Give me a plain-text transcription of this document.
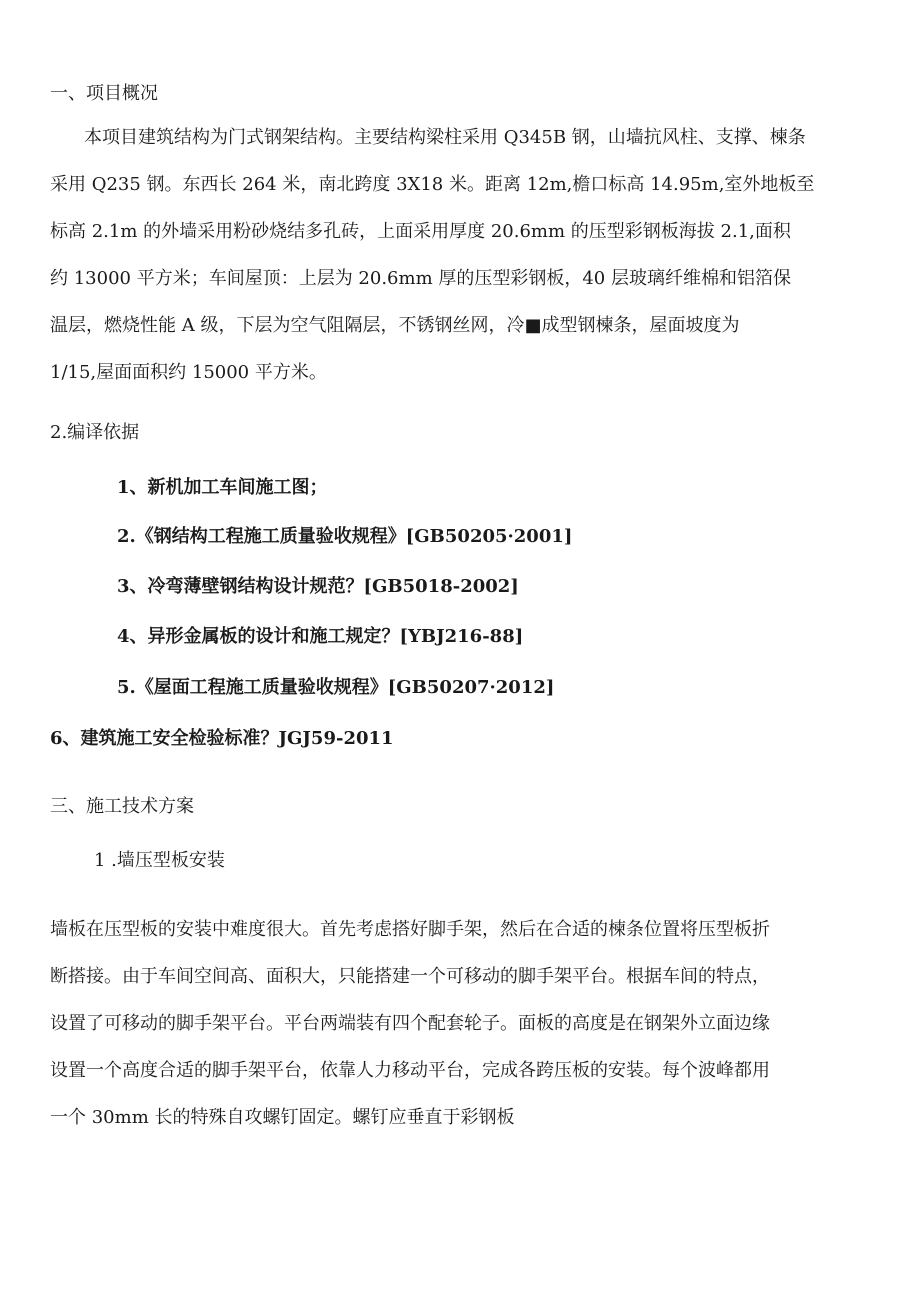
一、项目概况
本项目建筑结构为门式钢架结构。主要结构梁柱采用 Q345B 钢，山墙抗风柱、支撑、楝条
采用 Q235 钢。东西长 264 米，南北跨度 3X18 米。距离 12m,檐口标高 14.95m,室外地板至
标高 2.1m 的外墙采用粉砂烧结多孔砖，上面采用厚度 20.6mm 的压型彩钢板海拔 2.1,面积
约 13000 平方米；车间屋顶：上层为 20.6mm 厚的压型彩钢板，40 层玻璃纤维棉和铝箔保
温层，燃烧性能 A 级，下层为空气阻隔层，不锈钢丝网，冷■成型钢楝条，屋面坡度为
1/15,屋面面积约 15000 平方米。
2.编译依据
1、新机加工车间施工图；
2.《钢结构工程施工质量验收规程》[GB50205·2001]
3、冷弯薄壁钢结构设计规范？[GB5018-2002]
4、异形金属板的设计和施工规定？[YBJ216-88]
5.《屋面工程施工质量验收规程》[GB50207·2012]
6、建筑施工安全检验标准？JGJ59-2011
三、施工技术方案
1 .墙压型板安装
墙板在压型板的安装中难度很大。首先考虑搭好脚手架，然后在合适的楝条位置将压型板折
断搭接。由于车间空间高、面积大，只能搭建一个可移动的脚手架平台。根据车间的特点，
设置了可移动的脚手架平台。平台两端装有四个配套轮子。面板的高度是在钢架外立面边缘
设置一个高度合适的脚手架平台，依靠人力移动平台，完成各跨压板的安装。每个波峰都用
一个 30mm 长的特殊自攻螺钉固定。螺钉应垂直于彩钢板
